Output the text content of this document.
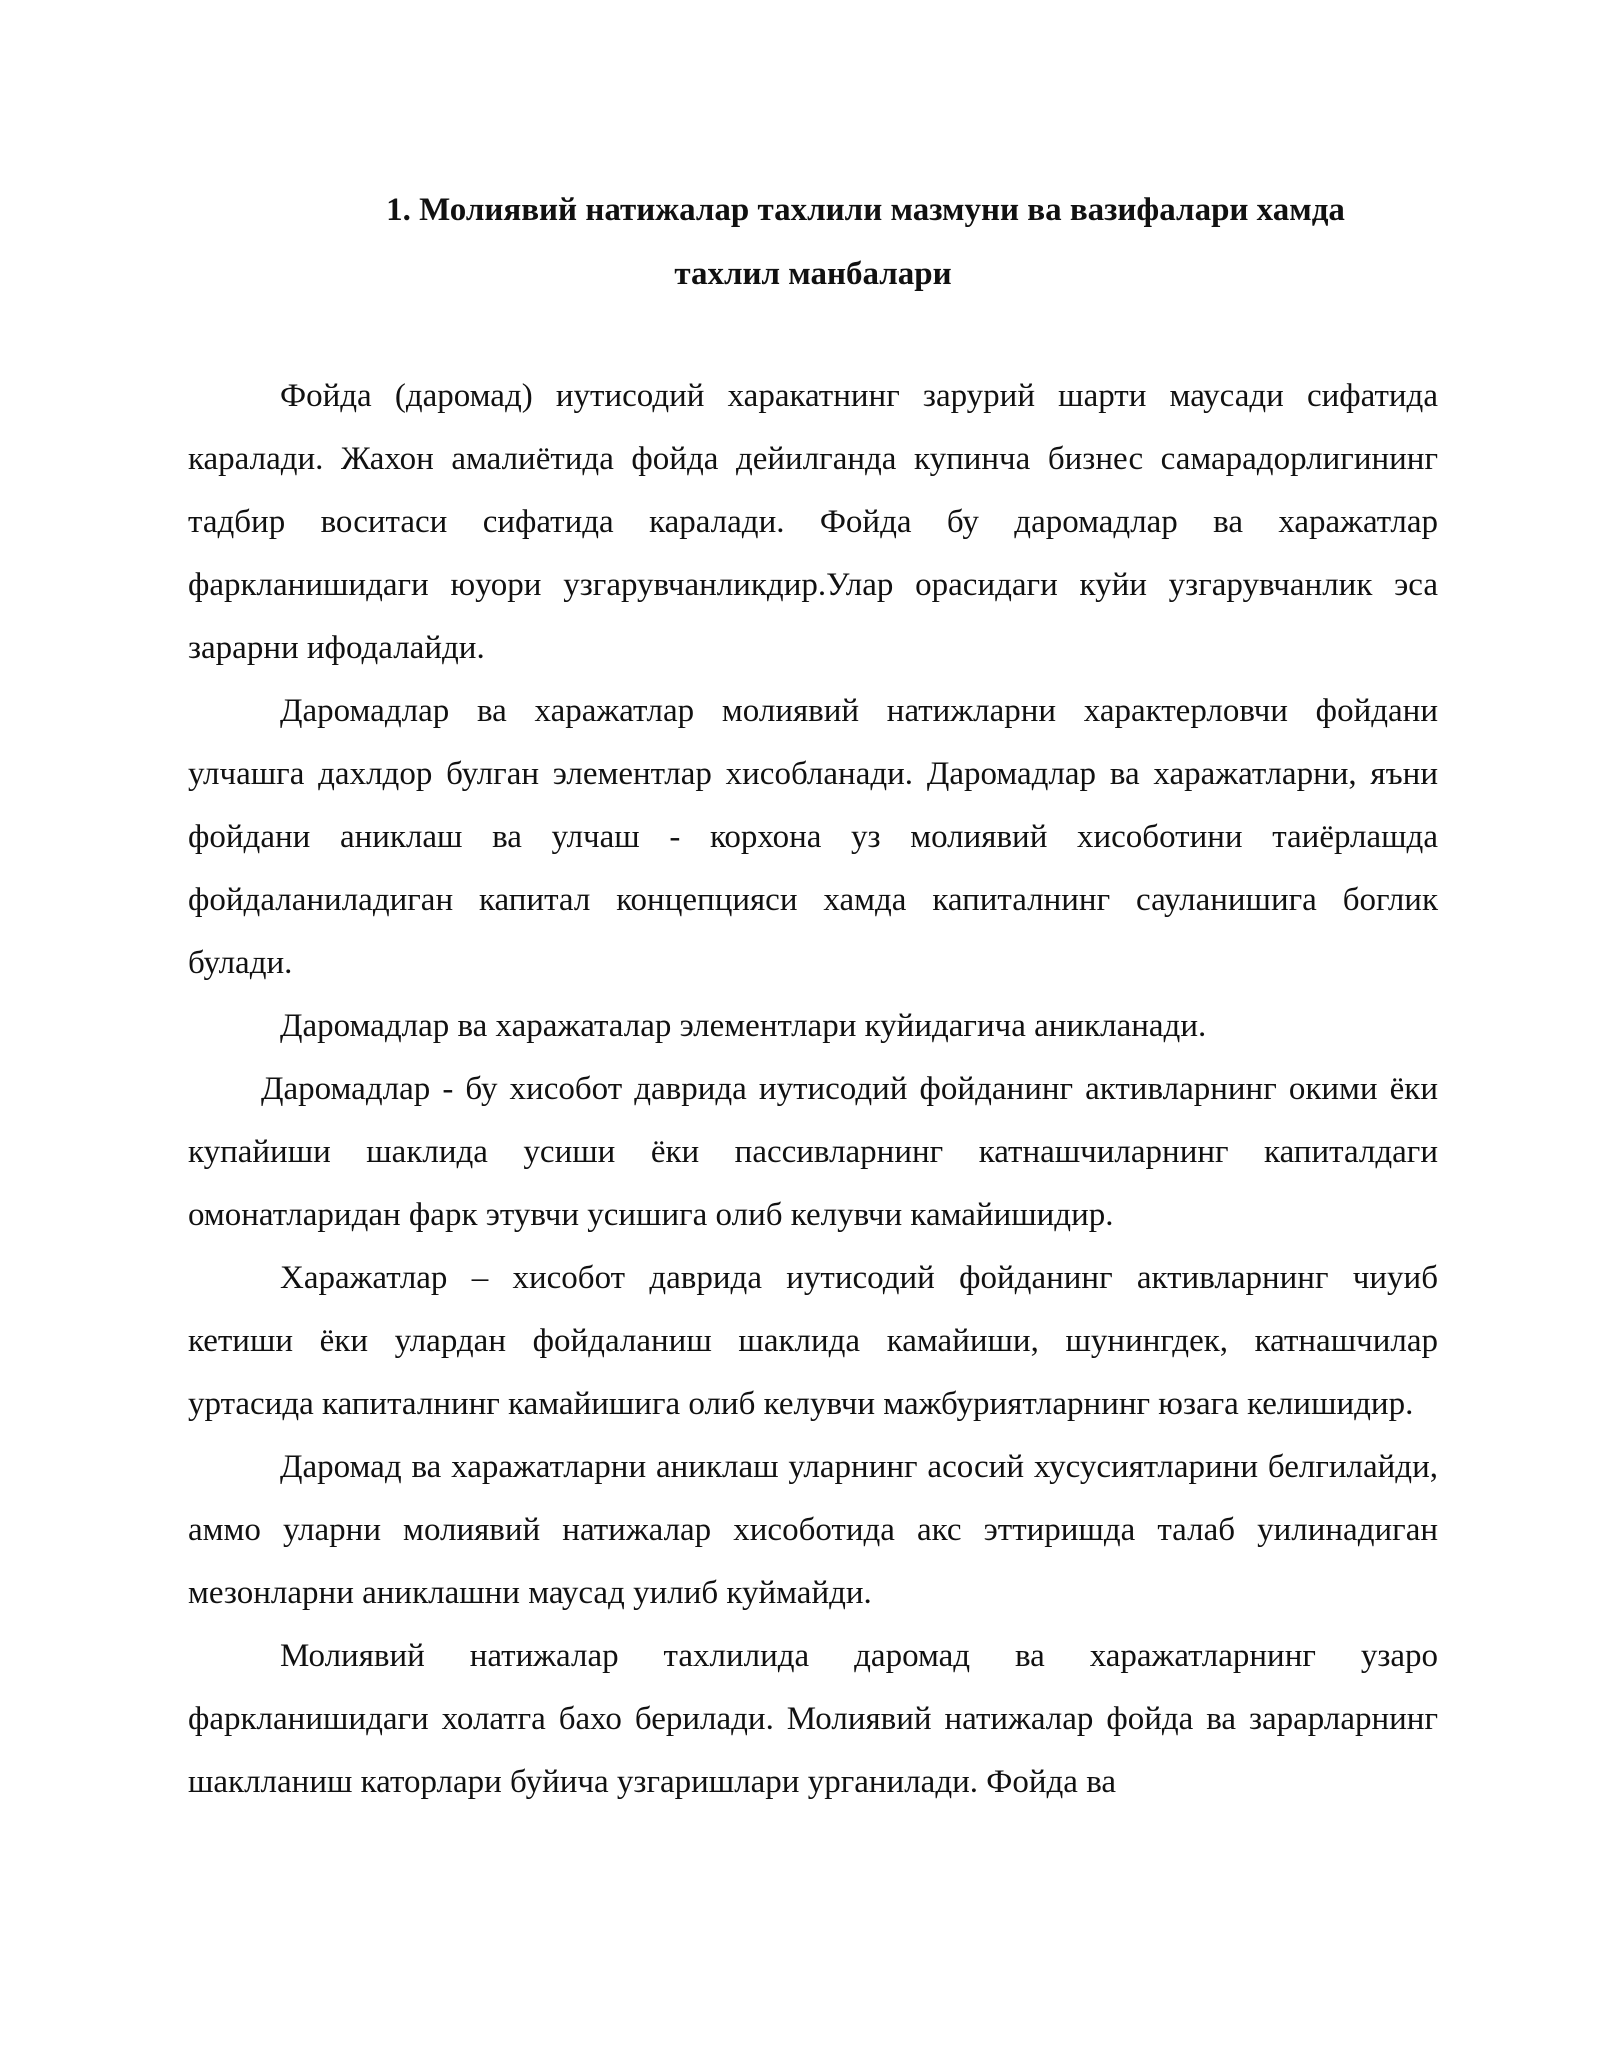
1. Молиявий натижалар тахлили мазмуни ва вазифалари хамда
тахлил манбалари

Фойда (даромад) иутисодий харакатнинг зарурий шарти маусади сифатида каралади. Жахон амалиётида фойда дейилганда купинча бизнес самарадорлигининг тадбир воситаси сифатида каралади. Фойда бу даромадлар ва харажатлар фаркланишидаги юуори узгарувчанликдир.Улар орасидаги куйи узгарувчанлик эса зарарни ифодалайди.

Даромадлар ва харажатлар молиявий натижларни характерловчи фойдани улчашга дахлдор булган элементлар хисобланади. Даромадлар ва харажатларни, яъни фойдани аниклаш ва улчаш - корхона уз молиявий хисоботини таиёрлашда фойдаланиладиган капитал концепцияси хамда капиталнинг сауланишига боглик булади.

Даромадлар ва харажаталар элементлари куйидагича аникланади.

Даромадлар - бу хисобот даврида иутисодий фойданинг активларнинг окими ёки купайиши шаклида усиши ёки пассивларнинг катнашчиларнинг капиталдаги омонатларидан фарк этувчи усишига олиб келувчи камайишидир.

Харажатлар – хисобот даврида иутисодий фойданинг активларнинг чиуиб кетиши ёки улардан фойдаланиш шаклида камайиши, шунингдек, катнашчилар уртасида капиталнинг камайишига олиб келувчи мажбуриятларнинг юзага келишидир.

Даромад ва харажатларни аниклаш уларнинг асосий хусусиятларини белгилайди, аммо уларни молиявий натижалар хисоботида акс эттиришда талаб уилинадиган мезонларни аниклашни маусад уилиб куймайди.

Молиявий натижалар тахлилида даромад ва харажатларнинг узаро фаркланишидаги холатга бахо берилади. Молиявий натижалар фойда ва зарарларнинг шаклланиш каторлари буйича узгаришлари урганилади. Фойда ва
